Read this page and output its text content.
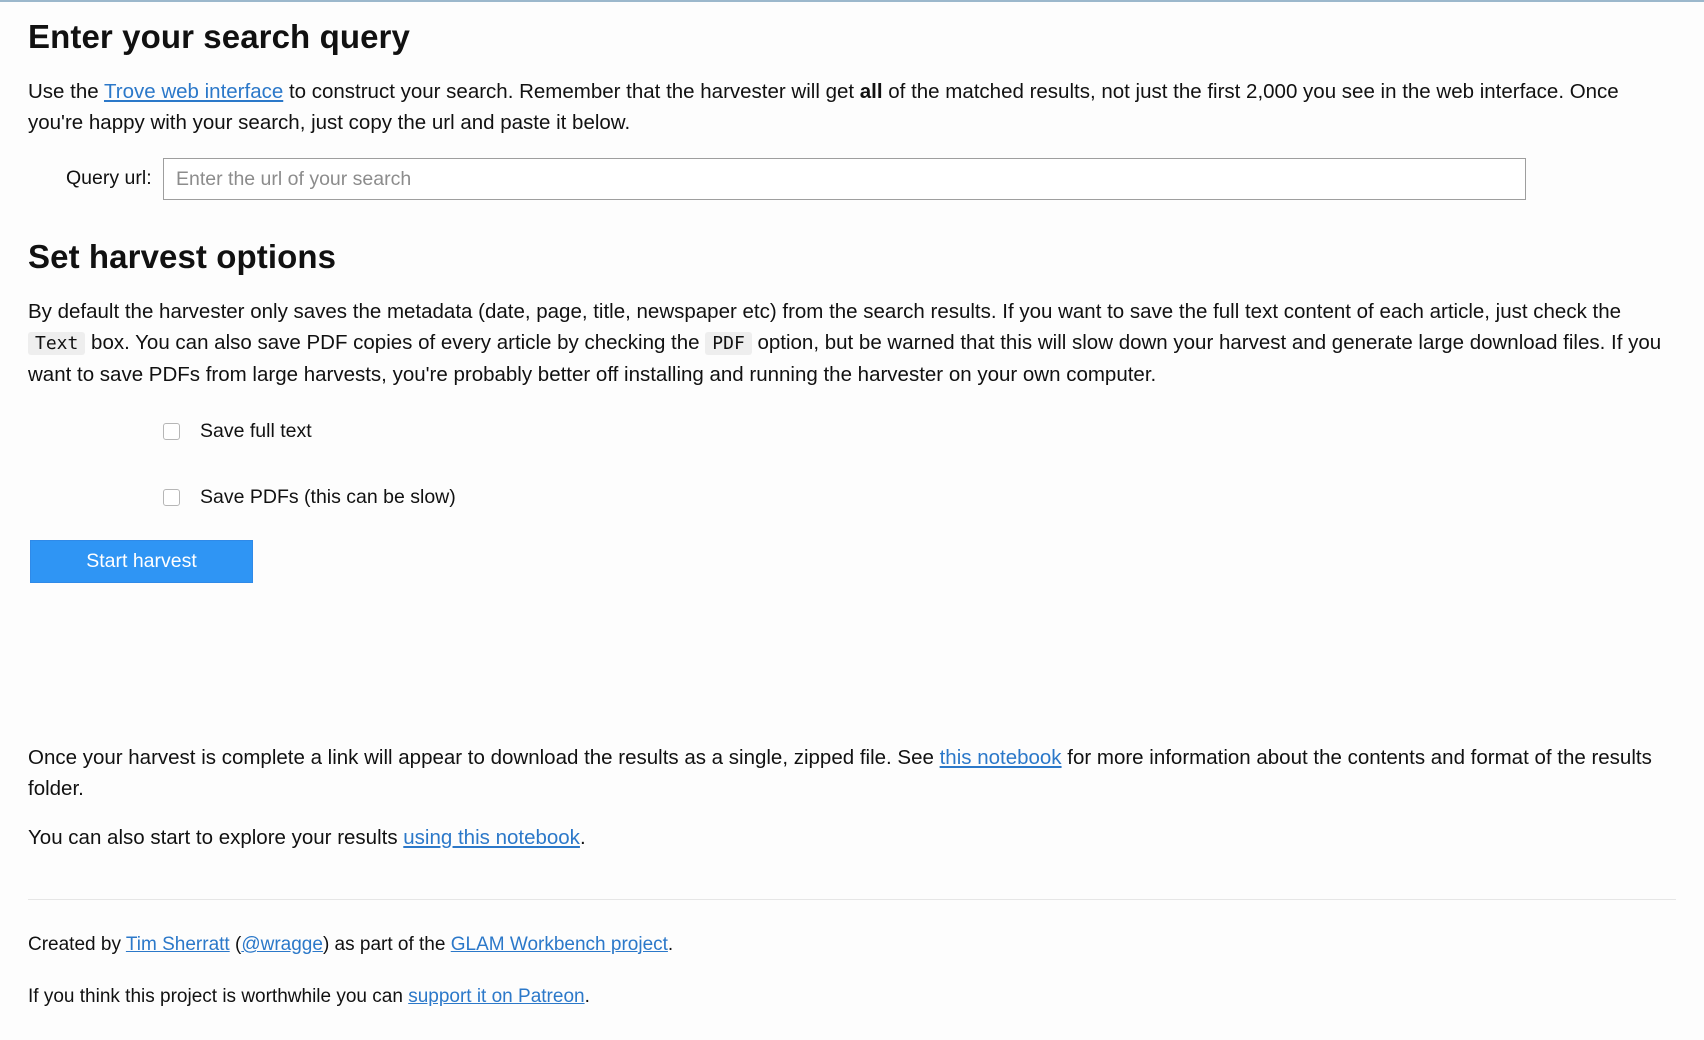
Enter your search query

Use the Trove web interface to construct your search. Remember that the harvester will get all of the matched results, not just the first 2,000 you see in the web interface. Once you're happy with your search, just copy the url and paste it below.

Query url:
Enter the url of your search
Set harvest options

By default the harvester only saves the metadata (date, page, title, newspaper etc) from the search results. If you want to save the full text content of each article, just check the Text box. You can also save PDF copies of every article by checking the PDF option, but be warned that this will slow down your harvest and generate large download files. If you want to save PDFs from large harvests, you're probably better off installing and running the harvester on your own computer.

Save full text
Save PDFs (this can be slow)
Start harvest

Once your harvest is complete a link will appear to download the results as a single, zipped file. See this notebook for more information about the contents and format of the results folder.

You can also start to explore your results using this notebook.

Created by Tim Sherratt (@wragge) as part of the GLAM Workbench project.

If you think this project is worthwhile you can support it on Patreon.
